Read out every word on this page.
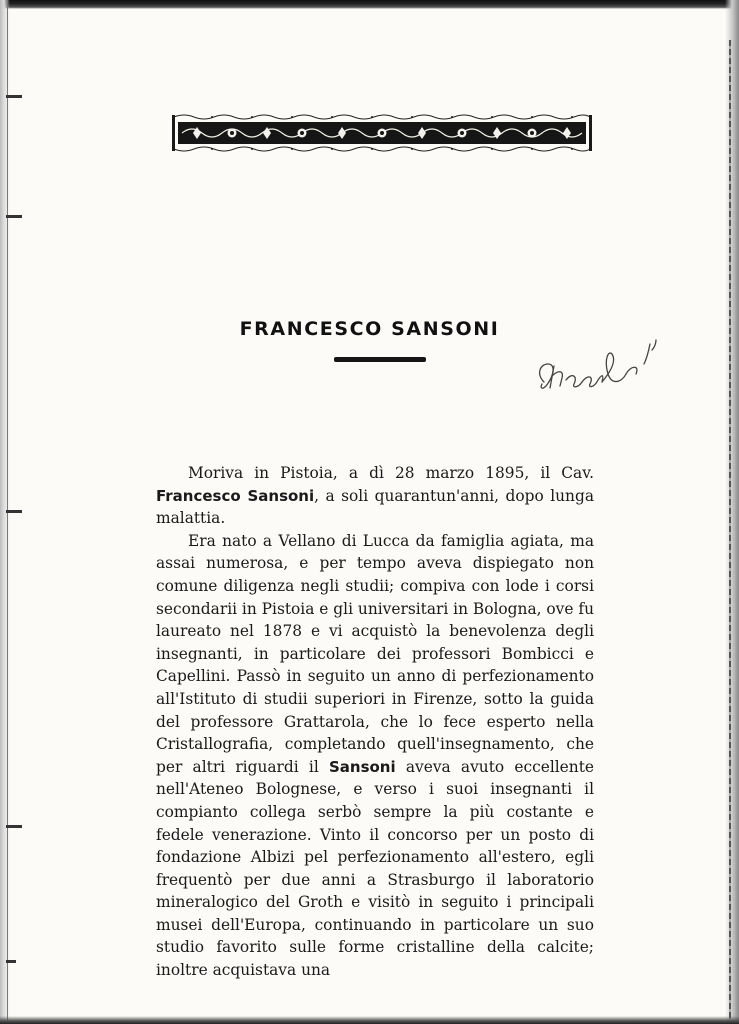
FRANCESCO SANSONI

Moriva in Pistoia, a dì 28 marzo 1895, il Cav. Francesco Sansoni, a soli quarantun'anni, dopo lunga malattia.

Era nato a Vellano di Lucca da famiglia agiata, ma assai numerosa, e per tempo aveva dispiegato non comune diligenza negli studii; compiva con lode i corsi secondarii in Pistoia e gli universitari in Bologna, ove fu laureato nel 1878 e vi acquistò la benevolenza degli insegnanti, in particolare dei professori Bombicci e Capellini. Passò in seguito un anno di perfezionamento all'Istituto di studii superiori in Firenze, sotto la guida del professore Grattarola, che lo fece esperto nella Cristallografia, completando quell'insegnamento, che per altri riguardi il Sansoni aveva avuto eccellente nell'Ateneo Bolognese, e verso i suoi insegnanti il compianto collega serbò sempre la più costante e fedele venerazione. Vinto il concorso per un posto di fondazione Albizi pel perfezionamento all'estero, egli frequentò per due anni a Strasburgo il laboratorio mineralogico del Groth e visitò in seguito i principali musei dell'Europa, continuando in particolare un suo studio favorito sulle forme cristalline della calcite; inoltre acquistava una
